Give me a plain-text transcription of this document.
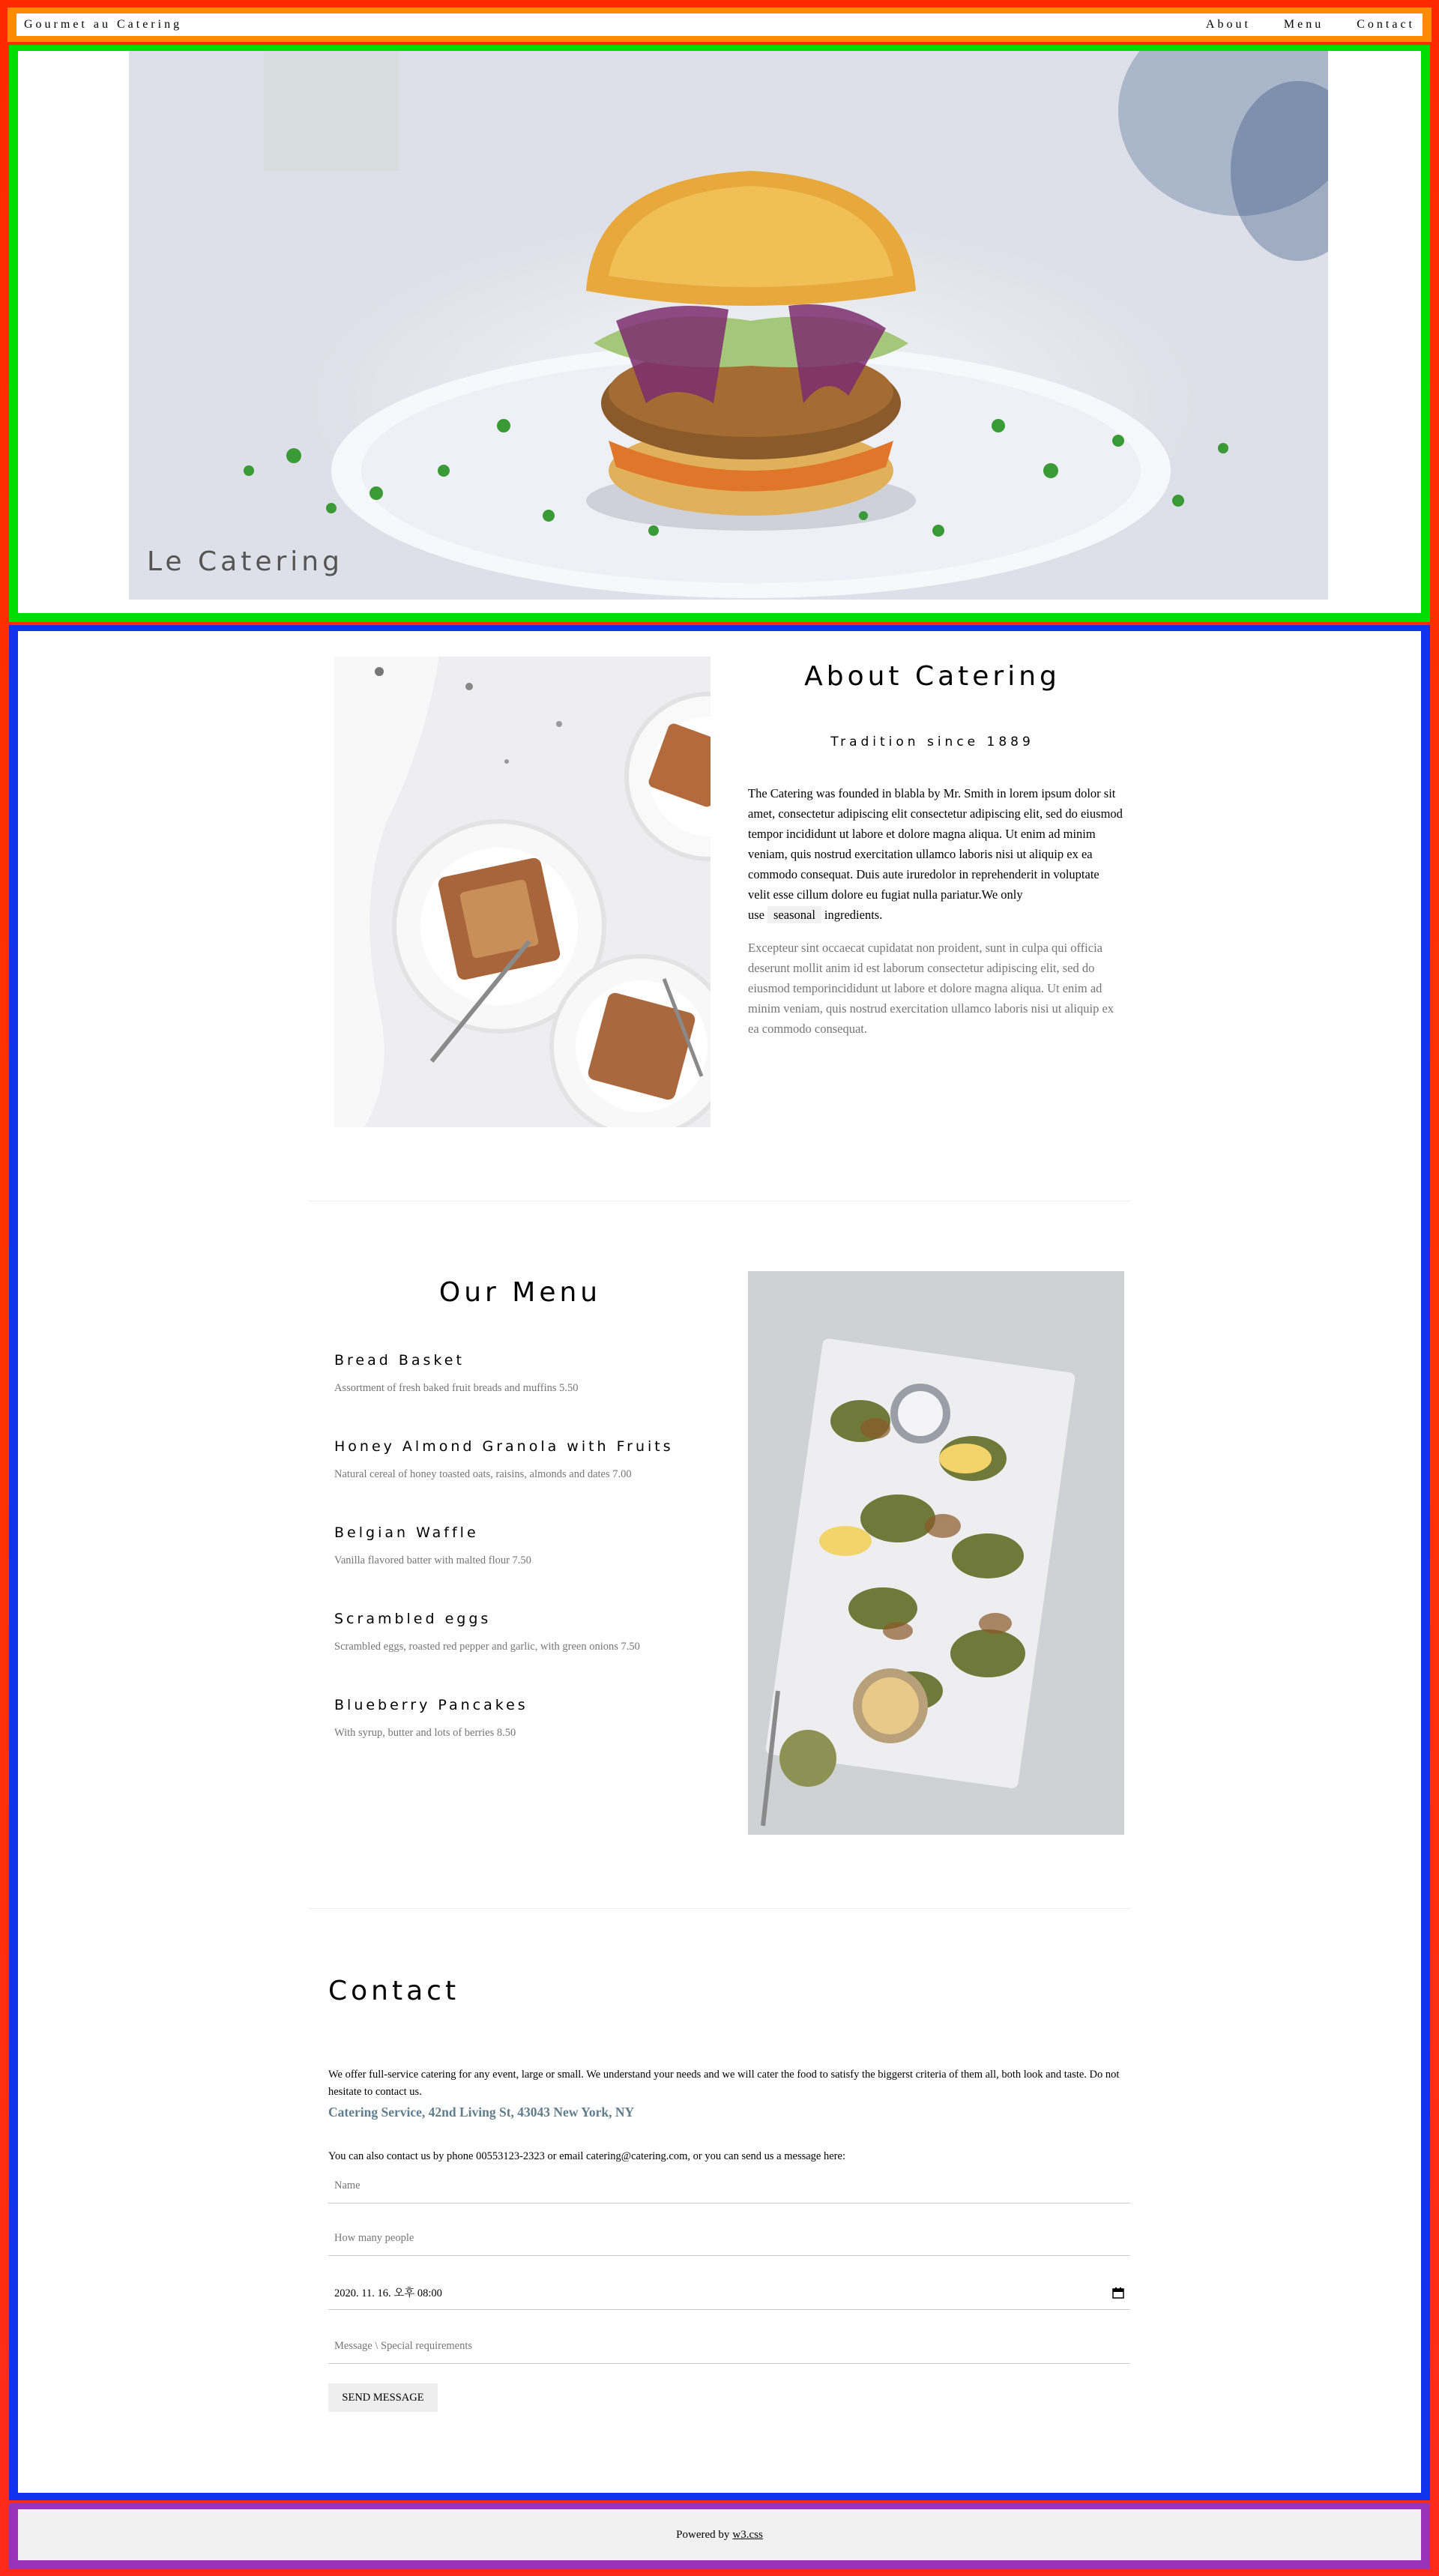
Gourmet au Catering	About	Menu	Contact
Le Catering
About Catering
Tradition since 1889

The Catering was founded in blabla by Mr. Smith in lorem ipsum dolor sit amet, consectetur adipiscing elit consectetur adipiscing elit, sed do eiusmod tempor incididunt ut labore et dolore magna aliqua. Ut enim ad minim veniam, quis nostrud exercitation ullamco laboris nisi ut aliquip ex ea commodo consequat. Duis aute iruredolor in reprehenderit in voluptate velit esse cillum dolore eu fugiat nulla pariatur.We only use seasonal ingredients.

Excepteur sint occaecat cupidatat non proident, sunt in culpa qui officia deserunt mollit anim id est laborum consectetur adipiscing elit, sed do eiusmod temporincididunt ut labore et dolore magna aliqua. Ut enim ad minim veniam, quis nostrud exercitation ullamco laboris nisi ut aliquip ex ea commodo consequat.

Our Menu
Bread Basket
Assortment of fresh baked fruit breads and muffins 5.50
Honey Almond Granola with Fruits
Natural cereal of honey toasted oats, raisins, almonds and dates 7.00
Belgian Waffle
Vanilla flavored batter with malted flour 7.50
Scrambled eggs
Scrambled eggs, roasted red pepper and garlic, with green onions 7.50
Blueberry Pancakes
With syrup, butter and lots of berries 8.50
Contact

We offer full-service catering for any event, large or small. We understand your needs and we will cater the food to satisfy the biggerst criteria of them all, both look and taste. Do not hesitate to contact us.

Catering Service, 42nd Living St, 43043 New York, NY

You can also contact us by phone 00553123-2323 or email catering@catering.com, or you can send us a message here:

Name
How many people
2020. 11. 16. 오후 08:00
Message \ Special requirements
SEND MESSAGE
Powered by w3.css
